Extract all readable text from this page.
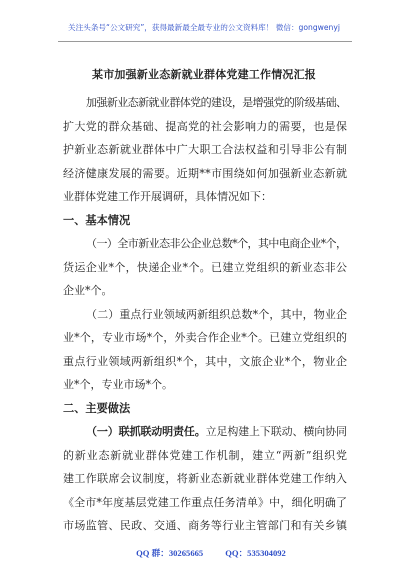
关注头条号“公文研究”，获得最新最全最专业的公文资料库！ 微信：gongwenyj
某市加强新业态新就业群体党建工作情况汇报
加强新业态新就业群体党的建设，是增强党的阶级基础、
扩大党的群众基础、提高党的社会影响力的需要，也是保
护新业态新就业群体中广大职工合法权益和引导非公有制
经济健康发展的需要。近期**市围绕如何加强新业态新就
业群体党建工作开展调研，具体情况如下：
一、基本情况
（一）全市新业态非公企业总数*个，其中电商企业*个，
货运企业*个，快递企业*个。已建立党组织的新业态非公
企业*个。
（二）重点行业领域两新组织总数*个，其中，物业企
业*个，专业市场*个，外卖合作企业*个。已建立党组织的
重点行业领域两新组织*个，其中，文旅企业*个，物业企
业*个，专业市场*个。
二、主要做法
（一）联抓联动明责任。立足构建上下联动、横向协同
的新业态新就业群体党建工作机制，建立“两新”组织党
建工作联席会议制度，将新业态新就业群体党建工作纳入
《全市*年度基层党建工作重点任务清单》中，细化明确了
市场监管、民政、交通、商务等行业主管部门和有关乡镇
QQ 群：30265665	QQ：535304092
